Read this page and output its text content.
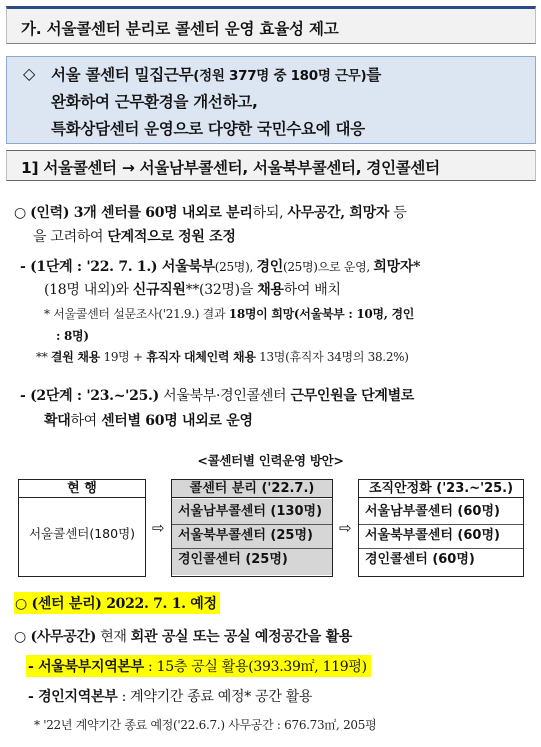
가. 서울콜센터 분리로 콜센터 운영 효율성 제고
◇ 서울 콜센터 밀집근무(정원 377명 중 180명 근무)를
완화하여 근무환경을 개선하고,
특화상담센터 운영으로 다양한 국민수요에 대응
1] 서울콜센터 → 서울남부콜센터, 서울북부콜센터, 경인콜센터
○ (인력) 3개 센터를 60명 내외로 분리하되, 사무공간, 희망자 등
을 고려하여 단계적으로 정원 조정
- (1단계 : '22. 7. 1.) 서울북부(25명), 경인(25명)으로 운영, 희망자*
(18명 내외)와 신규직원**(32명)을 채용하여 배치
* 서울콜센터 설문조사('21.9.) 결과 18명이 희망(서울북부 : 10명, 경인
: 8명)
** 결원 채용 19명 + 휴직자 대체인력 채용 13명(휴직자 34명의 38.2%)
- (2단계 : '23.~'25.) 서울북부·경인콜센터 근무인원을 단계별로
확대하여 센터별 60명 내외로 운영
<콜센터별 인력운영 방안>
현 행
서울콜센터(180명)	⇨
콜센터 분리 ('22.7.)
서울남부콜센터 (130명)
서울북부콜센터 (25명)
경인콜센터 (25명)
⇨
조직안정화 ('23.~'25.)
서울남부콜센터 (60명)
서울북부콜센터 (60명)
경인콜센터 (60명)
○ (센터 분리) 2022. 7. 1. 예정
○ (사무공간) 현재 회관 공실 또는 공실 예정공간을 활용
- 서울북부지역본부 : 15층 공실 활용(393.39㎡, 119평)
- 경인지역본부 : 계약기간 종료 예정* 공간 활용
* '22년 계약기간 종료 예정('22.6.7.) 사무공간 : 676.73㎡, 205평
